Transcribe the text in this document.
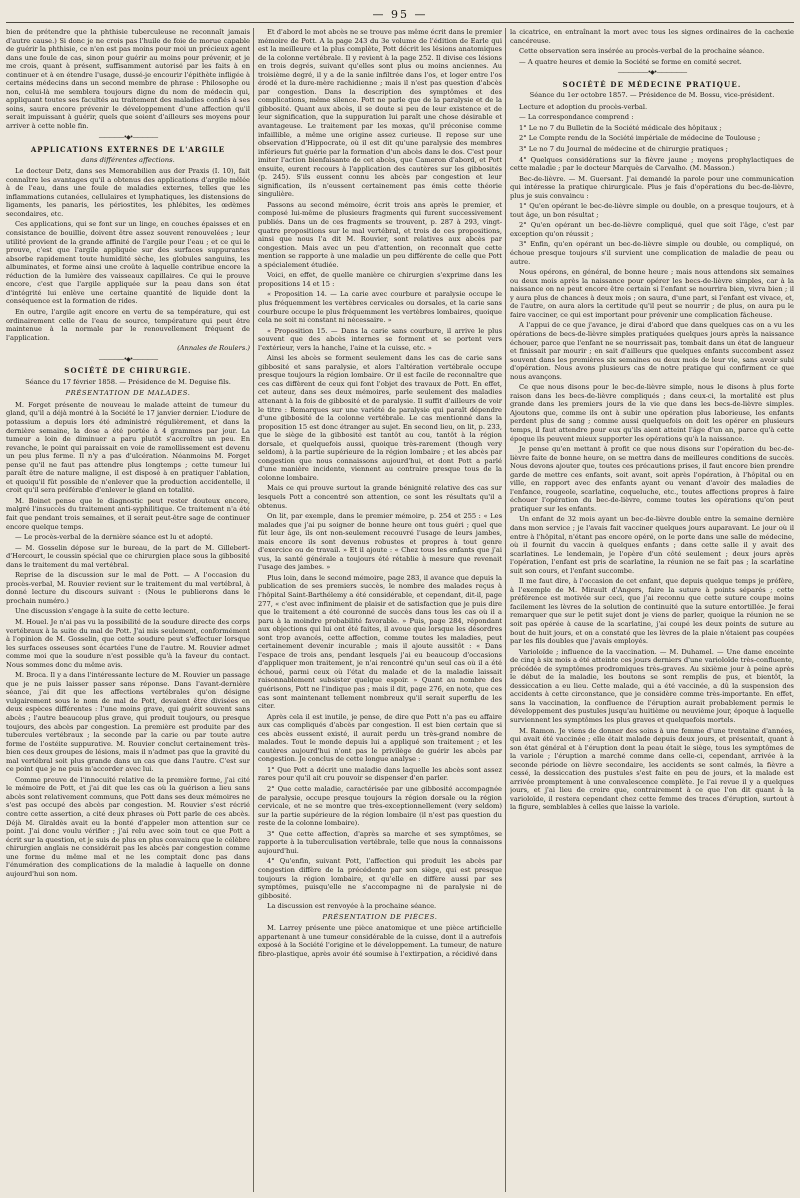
— 95 —

bien de prétendre que la phthisie tuberculeuse ne reconnaît jamais d'autre cause.) Si donc je ne crois pas l'huile de foie de morue capable de guérir la phthisie, ce n'en est pas moins pour moi un précieux agent dans une foule de cas, sinon pour guérir au moins pour prévenir, et je me crois, quant à présent, suffisamment autorisé par les faits à en continuer et à en étendre l'usage, dussé-je encourir l'épithète infligée à certains médecins dans un second membre de phrase : Philosophe ou non, celui-là me semblera toujours digne du nom de médecin qui, appliquant toutes ses facultés au traitement des maladies confiés à ses soins, saura encore prévenir le développement d'une affection qu'il serait impuissant à guérir, quels que soient d'ailleurs ses moyens pour arriver à cette noble fin.

—————•◆•—————
APPLICATIONS EXTERNES DE L'ARGILE
dans différentes affections.

Le docteur Detz, dans ses Memorabilien aus der Praxis (I. 10), fait connaître les avantages qu'il a obtenus des applications d'argile mêlée à de l'eau, dans une foule de maladies externes, telles que les inflammations cutanées, cellulaires et lymphatiques, les distensions de ligaments, les panaris, les périostites, les phlébites, les œdèmes secondaires, etc.

Ces applications, qui se font sur un linge, en couches épaisses et en consistance de bouillie, doivent être assez souvent renouvelées ; leur utilité provient de la grande affinité de l'argile pour l'eau ; et ce qui le prouve, c'est que l'argile appliquée sur des surfaces suppurantes absorbe rapidement toute humidité sèche, les globules sanguins, les albuminates, et forme ainsi une croûte à laquelle contribue encore la réduction de la lumière des vaisseaux capillaires. Ce qui le prouve encore, c'est que l'argile appliquée sur la peau dans son état d'intégrité lui enlève une certaine quantité de liquide dont la conséquence est la formation de rides.

En outre, l'argile agit encore en vertu de sa température, qui est ordinairement celle de l'eau de source, température qui peut être maintenue à la normale par le renouvellement fréquent de l'application.

(Annales de Roulers.)
—————•◆•—————
SOCIÉTÉ DE CHIRURGIE.
Séance du 17 février 1858. — Présidence de M. Deguise fils.
PRÉSENTATION DE MALADES.

M. Forget présente de nouveau le malade atteint de tumeur du gland, qu'il a déjà montré à la Société le 17 janvier dernier. L'iodure de potassium a depuis lors été administré régulièrement, et dans la dernière semaine, la dose a été portée à 4 grammes par jour. La tumeur a loin de diminuer a paru plutôt s'accroître un peu. En revanche, le point qui paraissait en voie de ramollissement est devenu un peu plus ferme. Il n'y a pas d'ulcération. Néanmoins M. Forget pense qu'il ne faut pas attendre plus longtemps ; cette tumeur lui paraît être de nature maligne, il est disposé à en pratiquer l'ablation, et quoiqu'il fût possible de n'enlever que la production accidentelle, il croit qu'il sera préférable d'enlever le gland en totalité.

M. Boinet pense que le diagnostic peut rester douteux encore, malgré l'insuccès du traitement anti-syphilitique. Ce traitement n'a été fait que pendant trois semaines, et il serait peut-être sage de continuer encore quelque temps.

— Le procès-verbal de la dernière séance est lu et adopté.

— M. Gosselin dépose sur le bureau, de la part de M. Gillebert-d'Hercourt, le coussin spécial que ce chirurgien place sous la gibbosité dans le traitement du mal vertébral.

Reprise de la discussion sur le mal de Pott. — A l'occasion du procès-verbal, M. Rouvier revient sur le traitement du mal vertébral, à donné lecture du discours suivant : (Nous le publierons dans le prochain numéro.)

Une discussion s'engage à la suite de cette lecture.

M. Houel. Je n'ai pas vu la possibilité de la soudure directe des corps vertébraux à la suite du mal de Pott. J'ai mis seulement, conformément à l'opinion de M. Gosselin, que cette soudure peut s'effectuer lorsque les surfaces osseuses sont écartées l'une de l'autre. M. Rouvier admet comme moi que la soudure n'est possible qu'à la faveur du contact. Nous sommes donc du même avis.

M. Broca. Il y a dans l'intéressante lecture de M. Rouvier un passage que je ne puis laisser passer sans réponse. Dans l'avant-dernière séance, j'ai dit que les affections vertébrales qu'on désigne vulgairement sous le nom de mal de Pott, devaient être divisées en deux espèces différentes : l'une moins grave, qui guérit souvent sans abcès ; l'autre beaucoup plus grave, qui produit toujours, ou presque toujours, des abcès par congestion. La première est produite par des tubercules vertébraux ; la seconde par la carie ou par toute autre forme de l'ostéite suppurative. M. Rouvier conclut certainement très-bien ces deux groupes de lésions, mais il n'admet pas que la gravité du mal vertébral soit plus grande dans un cas que dans l'autre. C'est sur ce point que je ne puis m'accorder avec lui.

Comme preuve de l'innocuité relative de la première forme, j'ai cité le mémoire de Pott, et j'ai dit que les cas où la guérison a lieu sans abcès sont relativement communs, que Pott dans ses deux mémoires ne s'est pas occupé des abcès par congestion. M. Rouvier s'est récrié contre cette assertion, a cité deux phrases où Pott parle de ces abcès. Déjà M. Giraldès avait eu la bonté d'appeler mon attention sur ce point. J'ai donc voulu vérifier ; j'ai relu avec soin tout ce que Pott a écrit sur la question, et je suis de plus en plus convaincu que le célèbre chirurgien anglais ne considérait pas les abcès par congestion comme une forme du même mal et ne les comptait donc pas dans l'énumération des complications de la maladie à laquelle on donne aujourd'hui son nom.

Et d'abord le mot abcès ne se trouve pas même écrit dans le premier mémoire de Pott. A la page 243 du 3e volume de l'édition de Earle qui est la meilleure et la plus complète, Pott décrit les lésions anatomiques de la colonne vertébrale. Il y revient à la page 252. Il divise ces lésions en trois degrés, suivant qu'elles sont plus ou moins anciennes. Au troisième degré, il y a de la sanie infiltrée dans l'os, et loger entre l'os érodé et la dure-mère rachidienne ; mais il n'est pas question d'abcès par congestion. Dans la description des symptômes et des complications, même silence. Pott ne parle que de la paralysie et de la gibbosité. Quant aux abcès, il se doute si peu de leur existence et de leur signification, que la suppuration lui paraît une chose désirable et avantageuse. Le traitement par les moxas, qu'il préconise comme infaillible, a même une origine assez curieuse. Il repose sur une observation d'Hippocrate, où il est dit qu'une paralysie des membres inférieurs fut guérie par la formation d'un abcès dans le dos. C'est pour imiter l'action bienfaisante de cet abcès, que Cameron d'abord, et Pott ensuite, eurent recours à l'application des cautères sur les gibbosités (p. 245). S'ils eussent connu les abcès par congestion et leur signification, ils n'eussent certainement pas émis cette théorie singulière.

Passons au second mémoire, écrit trois ans après le premier, et composé lui-même de plusieurs fragments qui furent successivement publiés. Dans un de ces fragments se trouvent, p. 287 à 293, vingt-quatre propositions sur le mal vertébral, et trois de ces propositions, ainsi que nous l'a dit M. Rouvier, sont relatives aux abcès par congestion. Mais avec un peu d'attention, on reconnaît que cette mention se rapporte à une maladie un peu différente de celle que Pott a spécialement étudiée.

Voici, en effet, de quelle manière ce chirurgien s'exprime dans les propositions 14 et 15 :

« Proposition 14. — La carie avec courbure et paralysie occupe le plus fréquemment les vertèbres cervicales ou dorsales, et la carie sans courbure occupe le plus fréquemment les vertèbres lombaires, quoique cela ne soit ni constant ni nécessaire. »

« Proposition 15. — Dans la carie sans courbure, il arrive le plus souvent que des abcès internes se forment et se portent vers l'extérieur, vers la hanche, l'aine et la cuisse, etc. »

Ainsi les abcès se forment seulement dans les cas de carie sans gibbosité et sans paralysie, et alors l'altération vertébrale occupe presque toujours la région lombaire. Or il est facile de reconnaître que ces cas diffèrent de ceux qui font l'objet des travaux de Pott. En effet, cet auteur, dans ses deux mémoires, parle seulement des maladies attenant à la fois de gibbosité et de paralysie. Il suffit d'ailleurs de voir le titre : Remarques sur une variété de paralysie qui paraît dépendre d'une gibbosité de la colonne vertébrale. Le cas mentionné dans la proposition 15 est donc étranger au sujet. En second lieu, on lit, p. 233, que le siège de la gibbosité est tantôt au cou, tantôt à la région dorsale, et quelquefois aussi, quoique très-rarement (though very seldom), à la partie supérieure de la région lombaire ; et les abcès par congestion que nous connaissons aujourd'hui, et dont Pott a parlé d'une manière incidente, viennent au contraire presque tous de la colonne lombaire.

Mais ce qui prouve surtout la grande bénignité relative des cas sur lesquels Pott a concentré son attention, ce sont les résultats qu'il a obtenus.

On lit, par exemple, dans le premier mémoire, p. 254 et 255 : « Les malades que j'ai pu soigner de bonne heure ont tous guéri ; quel que fût leur âge, ils ont non-seulement recouvré l'usage de leurs jambes, mais encore ils sont devenus robustes et propres à tout genre d'exercice ou de travail. » Et il ajoute : « Chez tous les enfants que j'ai vus, la santé générale a toujours été rétablie à mesure que revenait l'usage des jambes. »

Plus loin, dans le second mémoire, page 283, il avance que depuis la publication de ses premiers succès, le nombre des malades reçus à l'hôpital Saint-Barthélemy a été considérable, et cependant, dit-il, page 277, « c'est avec infiniment de plaisir et de satisfaction que je puis dire que le traitement a été couronné de succès dans tous les cas où il a paru à la moindre probabilité favorable. » Puis, page 284, répondant aux objections qui lui ont été faites, il avoue que lorsque les désordres sont trop avancés, cette affection, comme toutes les maladies, peut certainement devenir incurable ; mais il ajoute aussitôt : « Dans l'espace de trois ans, pendant lesquels j'ai eu beaucoup d'occasions d'appliquer mon traitement, je n'ai rencontré qu'un seul cas où il a été échoué, parmi ceux où l'état du malade et de la maladie laissait raisonnablement subsister quelque espoir. » Quant au nombre des guérisons, Pott ne l'indique pas ; mais il dit, page 276, en note, que ces cas sont maintenant tellement nombreux qu'il serait superflu de les citer.

Après cela il est inutile, je pense, de dire que Pott n'a pas eu affaire aux cas compliqués d'abcès par congestion. Il est bien certain que si ces abcès eussent existé, il aurait perdu un très-grand nombre de malades. Tout le monde depuis lui a appliqué son traitement ; et les cautères aujourd'hui n'ont pas le privilège de guérir les abcès par congestion. Je conclus de cette longue analyse :

1° Que Pott a décrit une maladie dans laquelle les abcès sont assez rares pour qu'il ait cru pouvoir se dispenser d'en parler.

2° Que cette maladie, caractérisée par une gibbosité accompagnée de paralysie, occupe presque toujours la région dorsale ou la région cervicale, et ne se montre que très-exceptionnellement (very seldom) sur la partie supérieure de la région lombaire (il n'est pas question du reste de la colonne lombaire).

3° Que cette affection, d'après sa marche et ses symptômes, se rapporte à la tuberculisation vertébrale, telle que nous la connaissons aujourd'hui.

4° Qu'enfin, suivant Pott, l'affection qui produit les abcès par congestion diffère de la précédente par son siège, qui est presque toujours la région lombaire, et qu'elle en diffère aussi par ses symptômes, puisqu'elle ne s'accompagne ni de paralysie ni de gibbosité.

La discussion est renvoyée à la prochaine séance.

PRÉSENTATION DE PIÈCES.

M. Larrey présente une pièce anatomique et une pièce artificielle appartenant à une tumeur considérable de la cuisse, dont il a autrefois exposé à la Société l'origine et le développement. La tumeur, de nature fibro-plastique, après avoir été soumise à l'extirpation, a récidivé dans

la cicatrice, en entraînant la mort avec tous les signes ordinaires de la cachexie cancéreuse.

Cette observation sera insérée au procès-verbal de la prochaine séance.

— A quatre heures et demie la Société se forme en comité secret.

——————•◆•——————
SOCIÉTÉ DE MÉDECINE PRATIQUE.
Séance du 1er octobre 1857. — Présidence de M. Bossu, vice-président.

Lecture et adoption du procès-verbal.

— La correspondance comprend :

1° Le no 7 du Bulletin de la Société médicale des hôpitaux ;

2° Le Compte rendu de la Société impériale de médecine de Toulouse ;

3° Le no 7 du Journal de médecine et de chirurgie pratiques ;

4° Quelques considérations sur la fièvre jaune ; moyens prophylactiques de cette maladie ; par le docteur Marquès de Carvalho. (M. Masson.)

Bec-de-lièvre. — M. Guersant. J'ai demandé la parole pour une communication qui intéresse la pratique chirurgicale. Plus je fais d'opérations du bec-de-lièvre, plus je suis convaincu :

1° Qu'en opérant le bec-de-lièvre simple ou double, on a presque toujours, et à tout âge, un bon résultat ;

2° Qu'en opérant un bec-de-lièvre compliqué, quel que soit l'âge, c'est par exception qu'on réussit ;

3° Enfin, qu'en opérant un bec-de-lièvre simple ou double, ou compliqué, on échoue presque toujours s'il survient une complication de maladie de peau ou autre.

Nous opérons, en général, de bonne heure ; mais nous attendons six semaines ou deux mois après la naissance pour opérer les becs-de-lièvre simples, car à la naissance on ne peut encore être certain si l'enfant se nourrira bien, vivra bien ; il y aura plus de chances à deux mois ; on saura, d'une part, si l'enfant est vivace, et, de l'autre, on aura alors la certitude qu'il peut se nourrir ; de plus, on aura pu le faire vacciner, ce qui est important pour prévenir une complication fâcheuse.

A l'appui de ce que j'avance, je dirai d'abord que dans quelques cas on a vu les opérations de becs-de-lièvre simples pratiquées quelques jours après la naissance échouer, parce que l'enfant ne se nourrissait pas, tombait dans un état de langueur et finissait par mourir ; en sait d'ailleurs que quelques enfants succombent assez souvent dans les premières six semaines ou deux mois de leur vie, sans avoir subi d'opération. Nous avons plusieurs cas de notre pratique qui confirment ce que nous avançons.

Ce que nous disons pour le bec-de-lièvre simple, nous le disons à plus forte raison dans les becs-de-lièvre compliqués ; dans ceux-ci, la mortalité est plus grande dans les premiers jours de la vie que dans les becs-de-lièvre simples. Ajoutons que, comme ils ont à subir une opération plus laborieuse, les enfants perdent plus de sang ; comme aussi quelquefois on doit les opérer en plusieurs temps, il faut attendre pour eux qu'ils aient atteint l'âge d'un an, parce qu'à cette époque ils peuvent mieux supporter les opérations qu'à la naissance.

Je pense qu'en mettant à profit ce que nous disons sur l'opération du bec-de-lièvre faite de bonne heure, on se mettra dans de meilleures conditions de succès. Nous devons ajouter que, toutes ces précautions prises, il faut encore bien prendre garde de mettre ces enfants, soit avant, soit après l'opération, à l'hôpital ou en ville, en rapport avec des enfants ayant ou venant d'avoir des maladies de l'enfance, rougeole, scarlatine, coqueluche, etc., toutes affections propres à faire échouer l'opération du bec-de-lièvre, comme toutes les opérations qu'on peut pratiquer sur les enfants.

Un enfant de 32 mois ayant un bec-de-lièvre double entre la semaine dernière dans mon service ; je l'avais fait vacciner quelques jours auparavant. Le jour où il entre à l'hôpital, n'étant pas encore opéré, on le porte dans une salle de médecine, où il fournit du vaccin à quelques enfants ; dans cette salle il y avait des scarlatines. Le lendemain, je l'opère d'un côté seulement ; deux jours après l'opération, l'enfant est pris de scarlatine, la réunion ne se fait pas ; la scarlatine suit son cours, et l'enfant succombe.

Il me faut dire, à l'occasion de cet enfant, que depuis quelque temps je préfère, à l'exemple de M. Mirault d'Angers, faire la suture à points séparés ; cette préférence est motivée sur ceci, que j'ai reconnu que cette suture coupe moins facilement les lèvres de la solution de continuité que la suture entortillée. Je ferai remarquer que sur le petit sujet dont je viens de parler, quoique la réunion ne se soit pas opérée à cause de la scarlatine, j'ai coupé les deux points de suture au bout de huit jours, et on a constaté que les lèvres de la plaie n'étaient pas coupées par les fils doubles que j'avais employés.

Varioloïde ; influence de la vaccination. — M. Duhamel. — Une dame enceinte de cinq à six mois a été atteinte ces jours derniers d'une varioloïde très-confluente, précédée de symptômes prodromiques très-graves. Au sixième jour à peine après le début de la maladie, les boutons se sont remplis de pus, et bientôt, la dessiccation a eu lieu. Cette malade, qui a été vaccinée, a dû la suspension des accidents à cette circonstance, que je considère comme très-importante. En effet, sans la vaccination, la confluence de l'éruption aurait probablement permis le développement des pustules jusqu'au huitième ou neuvième jour, époque à laquelle surviennent les symptômes les plus graves et quelquefois mortels.

M. Ramon. Je viens de donner des soins à une femme d'une trentaine d'années, qui avait été vaccinée ; elle était malade depuis deux jours, et présentait, quant à son état général et à l'éruption dont la peau était le siège, tous les symptômes de la variole ; l'éruption a marché comme dans celle-ci, cependant, arrivée à la seconde période on lièvre secondaire, les accidents se sont calmés, la fièvre a cessé, la dessiccation des pustules s'est faite en peu de jours, et la malade est arrivée promptement à une convalescence complète. Je l'ai revue il y a quelques jours, et j'ai lieu de croire que, contrairement à ce que l'on dit quant à la varioloïde, il restera cependant chez cette femme des traces d'éruption, surtout à la figure, semblables à celles que laisse la variole.
